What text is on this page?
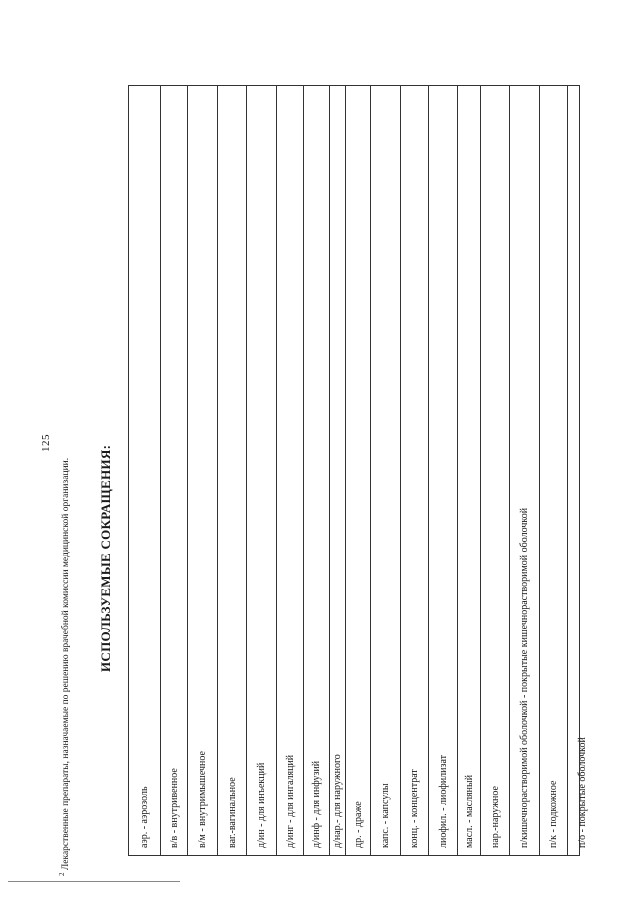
125
$^2$ Лекарственные препараты, назначаемые по решению врачебной комиссии медицинской организации. ИСПОЛЬЗУЕМЫЕ СОКРАЩЕНИЯ:
аэр. - аэрозоль в/в - внутривенное в/м - внутримышечное ваг.-вагинальное д/ин - для инъекций д/инг - для ингаляций д/инф - для инфузий д/нар.- для наружного др. - драже капс. - капсулы конц. - концентрат лиофил. - лиофилизат масл. - масляный нар.-наружное п/кишечнорастворимой оболочкой - покрытые кишечнорастворимой оболочкой п/к - подкожное п/о - покрытые оболочкой
